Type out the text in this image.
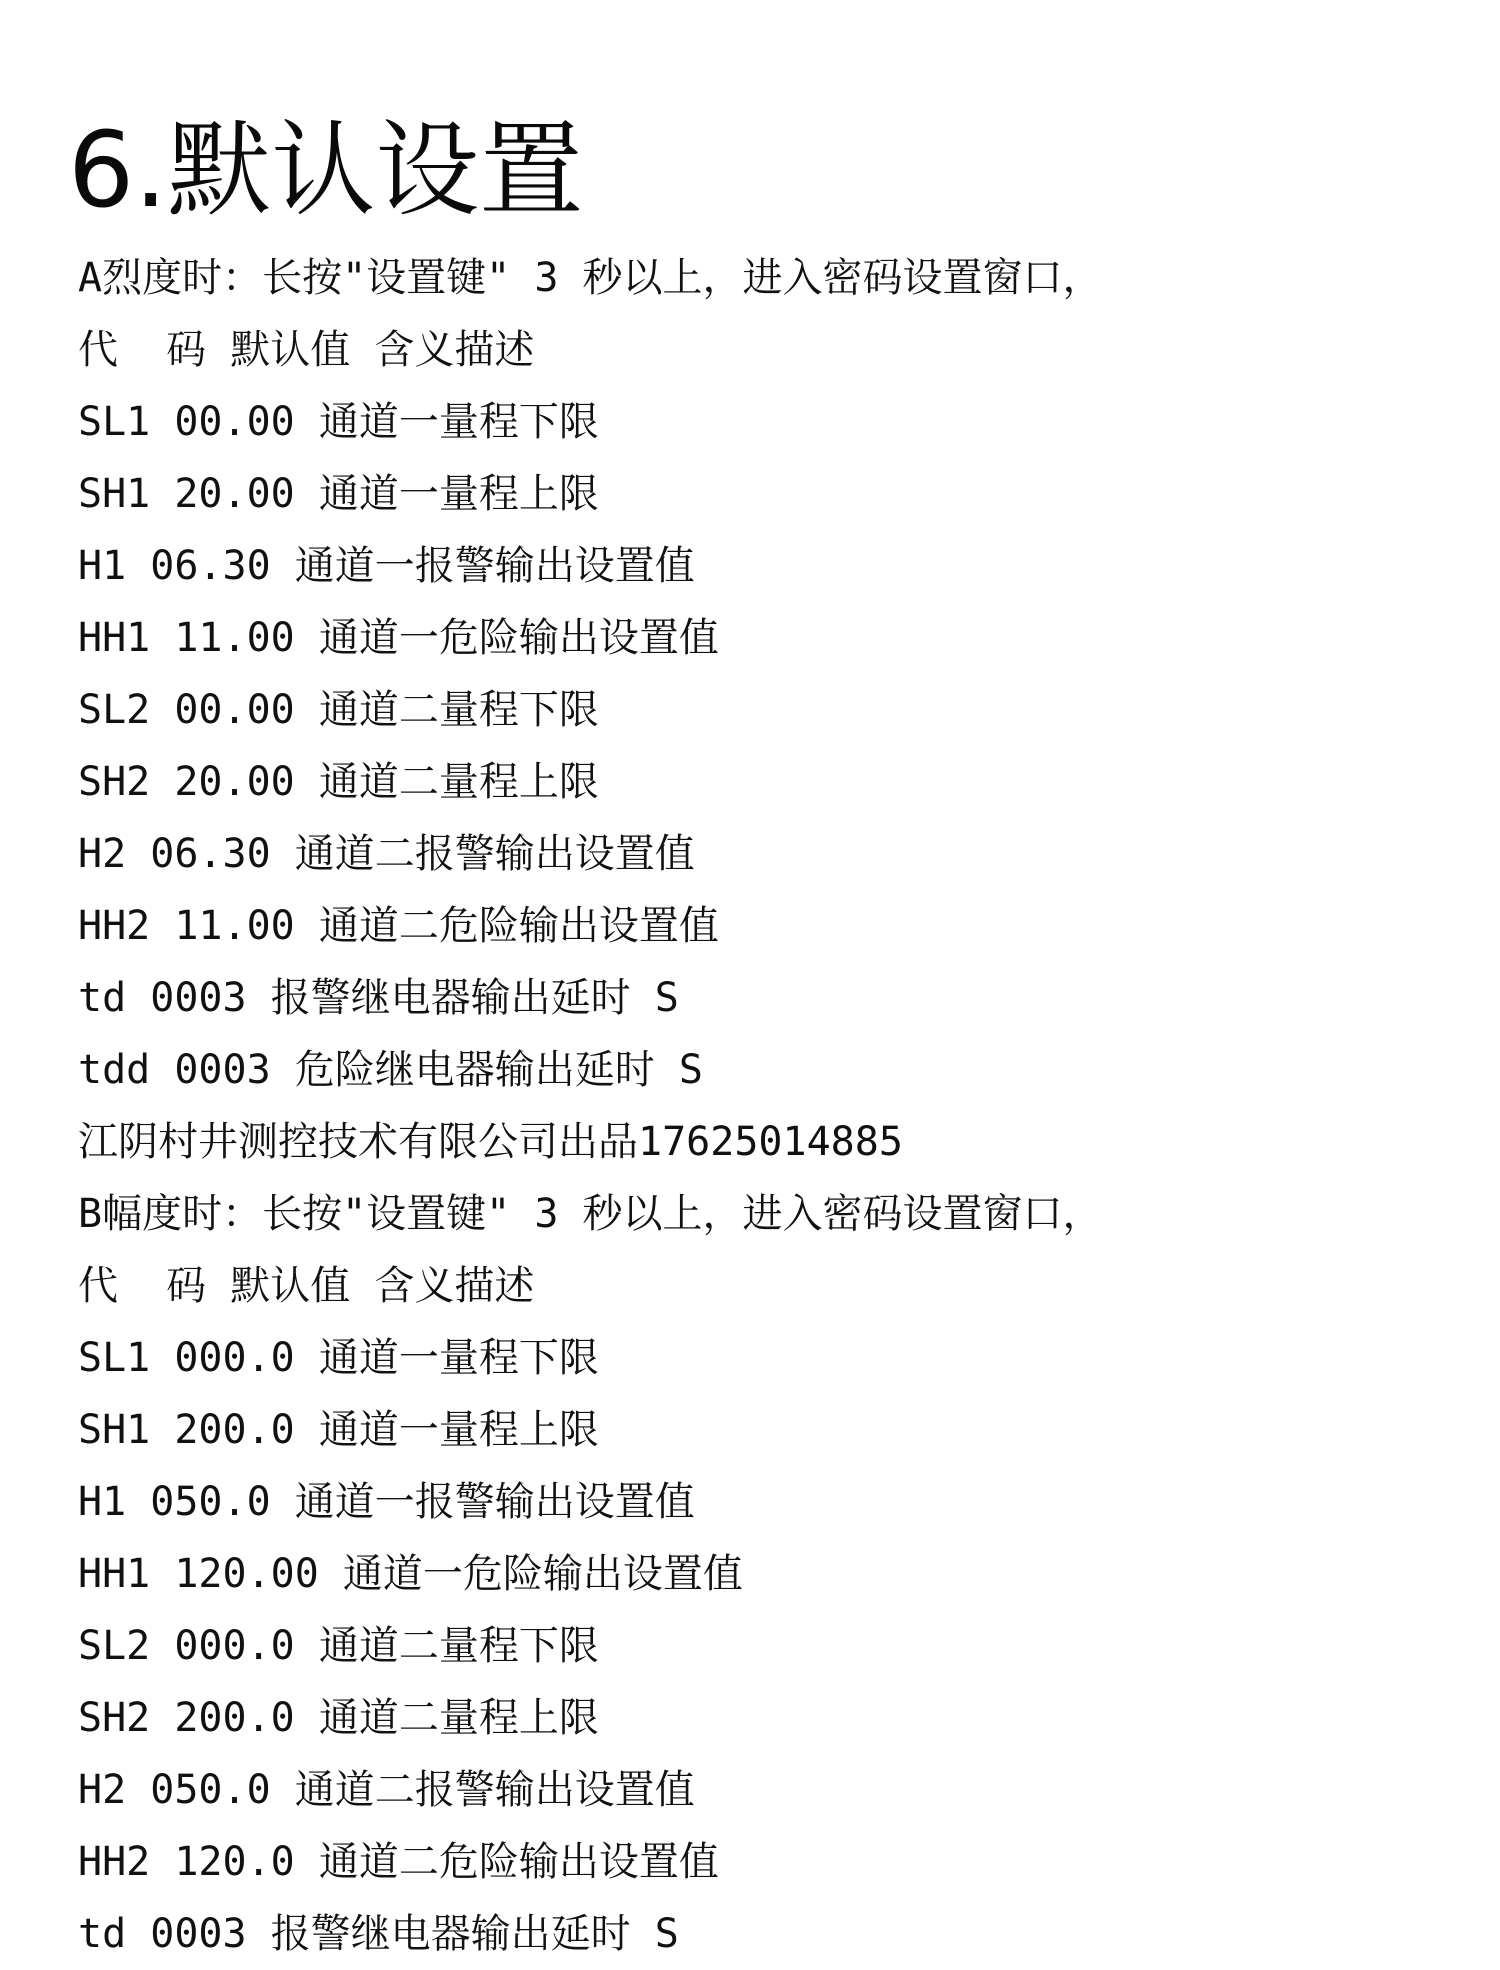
6.默认设置
A烈度时：长按"设置键" 3 秒以上，进入密码设置窗口，
代  码 默认值 含义描述
SL1 00.00 通道一量程下限
SH1 20.00 通道一量程上限
H1 06.30 通道一报警输出设置值
HH1 11.00 通道一危险输出设置值
SL2 00.00 通道二量程下限
SH2 20.00 通道二量程上限
H2 06.30 通道二报警输出设置值
HH2 11.00 通道二危险输出设置值
td 0003 报警继电器输出延时 S
tdd 0003 危险继电器输出延时 S
江阴村井测控技术有限公司出品17625014885
B幅度时：长按"设置键" 3 秒以上，进入密码设置窗口，
代  码 默认值 含义描述
SL1 000.0 通道一量程下限
SH1 200.0 通道一量程上限
H1 050.0 通道一报警输出设置值
HH1 120.00 通道一危险输出设置值
SL2 000.0 通道二量程下限
SH2 200.0 通道二量程上限
H2 050.0 通道二报警输出设置值
HH2 120.0 通道二危险输出设置值
td 0003 报警继电器输出延时 S
